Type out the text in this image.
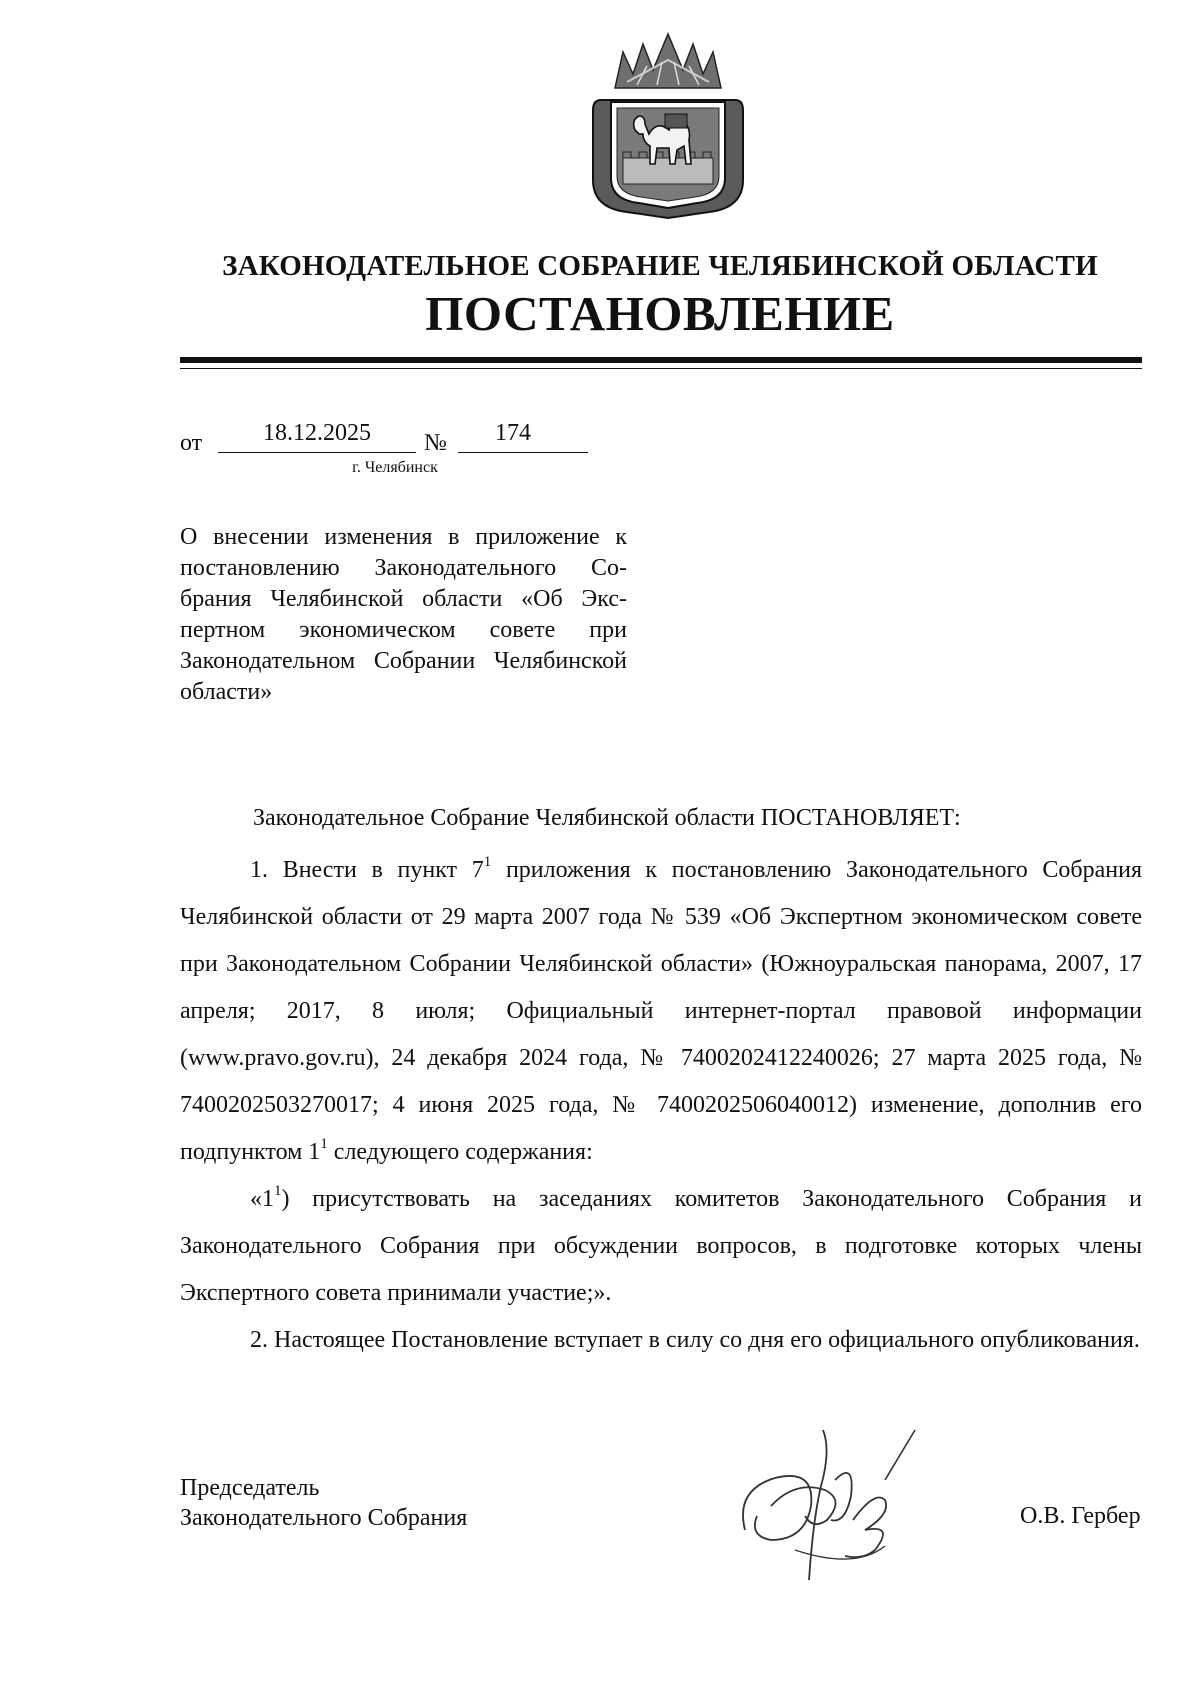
ЗАКОНОДАТЕЛЬНОЕ СОБРАНИЕ ЧЕЛЯБИНСКОЙ ОБЛАСТИ
ПОСТАНОВЛЕНИЕ
от	18.12.2025	№	174
г. Челябинск
О внесении изменения в приложение к постановлению Законодательного Собрания Челябинской области «Об Экспертном экономическом совете при Законодательном Собрании Челябинской области»

Законодательное Собрание Челябинской области ПОСТАНОВЛЯЕТ:

1. Внести в пункт $7^1$ приложения к постановлению Законодательного Собрания Челябинской области от 29 марта 2007 года № 539 «Об Экспертном экономическом совете при Законодательном Собрании Челябинской области» (Южноуральская панорама, 2007, 17 апреля; 2017, 8 июля; Официальный интернет-портал правовой информации (www.pravo.gov.ru), 24 декабря 2024 года, № 7400202412240026; 27 марта 2025 года, № 7400202503270017; 4 июня 2025 года, № 7400202506040012) изменение, дополнив его подпунктом $1^1$ следующего содержания:

«$1^1$) присутствовать на заседаниях комитетов Законодательного Собрания и Законодательного Собрания при обсуждении вопросов, в подготовке которых члены Экспертного совета принимали участие;».

2. Настоящее Постановление вступает в силу со дня его официального опубликования.

Председатель
Законодательного Собрания	О.В. Гербер
